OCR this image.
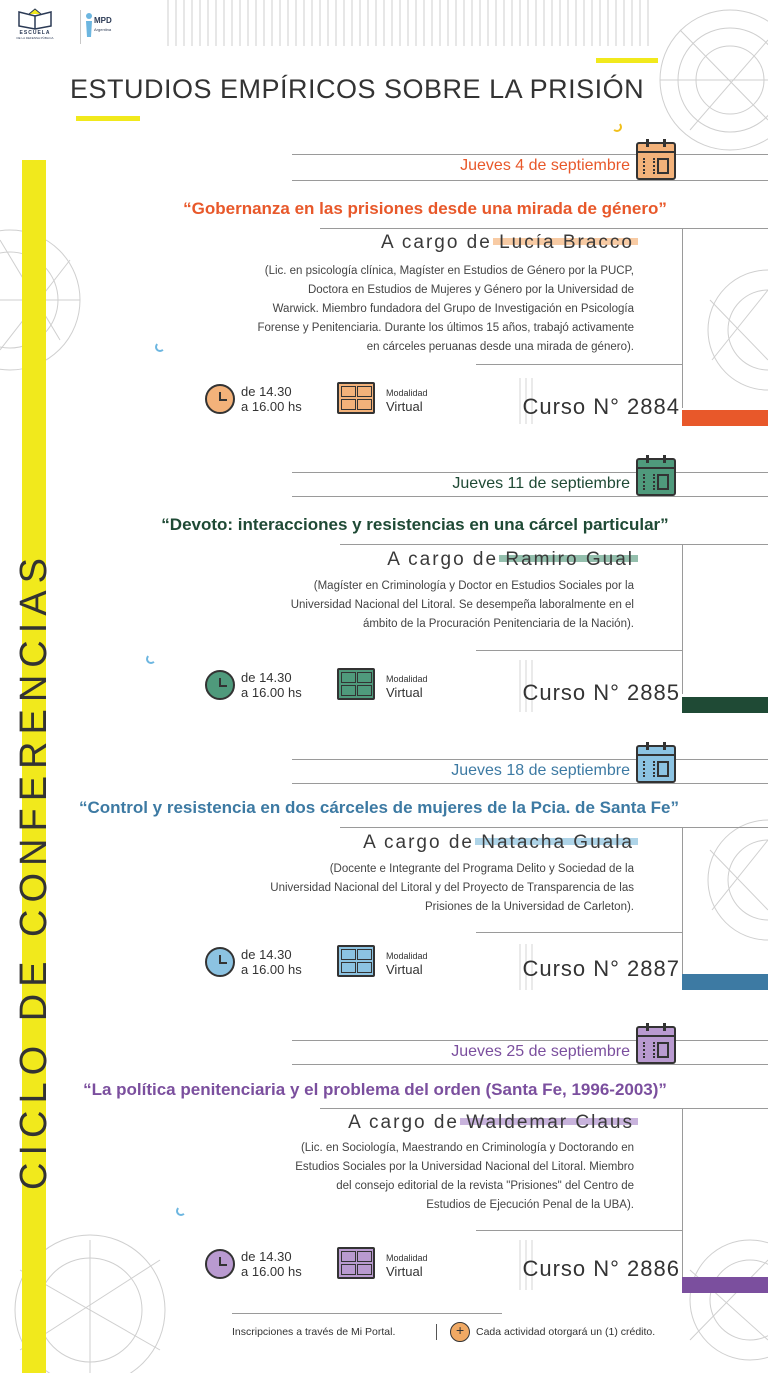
ESCUELA
DE LA DEFENSA PÚBLICA
MPD
Argentina
ESTUDIOS EMPÍRICOS SOBRE LA PRISIÓN
CICLO DE CONFERENCIAS
Jueves 4 de septiembre
“Gobernanza en las prisiones desde una mirada de género”
A cargo de Lucía Bracco
(Lic. en psicología clínica, Magíster en Estudios de Género por la PUCP,
Doctora en Estudios de Mujeres y Género por la Universidad de
Warwick. Miembro fundadora del Grupo de Investigación en Psicología
Forense y Penitenciaria. Durante los últimos 15 años, trabajó activamente
en cárceles peruanas desde una mirada de género).
de 14.30
a 16.00 hs
Modalidad
Virtual	Curso N° 2884
Jueves 11 de septiembre
“Devoto: interacciones y resistencias en una cárcel particular”
A cargo de Ramiro Gual
(Magíster en Criminología y Doctor en Estudios Sociales por la
Universidad Nacional del Litoral. Se desempeña laboralmente en el
ámbito de la Procuración Penitenciaria de la Nación).
de 14.30
a 16.00 hs
Modalidad
Virtual	Curso N° 2885
Jueves 18 de septiembre
“Control y resistencia en dos cárceles de mujeres de la Pcia. de Santa Fe”
A cargo de Natacha Guala
(Docente e Integrante del Programa Delito y Sociedad de la
Universidad Nacional del Litoral y del Proyecto de Transparencia de las
Prisiones de la Universidad de Carleton).
de 14.30
a 16.00 hs
Modalidad
Virtual	Curso N° 2887
Jueves 25 de septiembre
“La política penitenciaria y el problema del orden (Santa Fe, 1996-2003)”
A cargo de Waldemar Claus
(Lic. en Sociología, Maestrando en Criminología y Doctorando en
Estudios Sociales por la Universidad Nacional del Litoral. Miembro
del consejo editorial de la revista "Prisiones" del Centro de
Estudios de Ejecución Penal de la UBA).
de 14.30
a 16.00 hs
Modalidad
Virtual	Curso N° 2886
Inscripciones a través de Mi Portal.
+	Cada actividad otorgará un (1) crédito.
